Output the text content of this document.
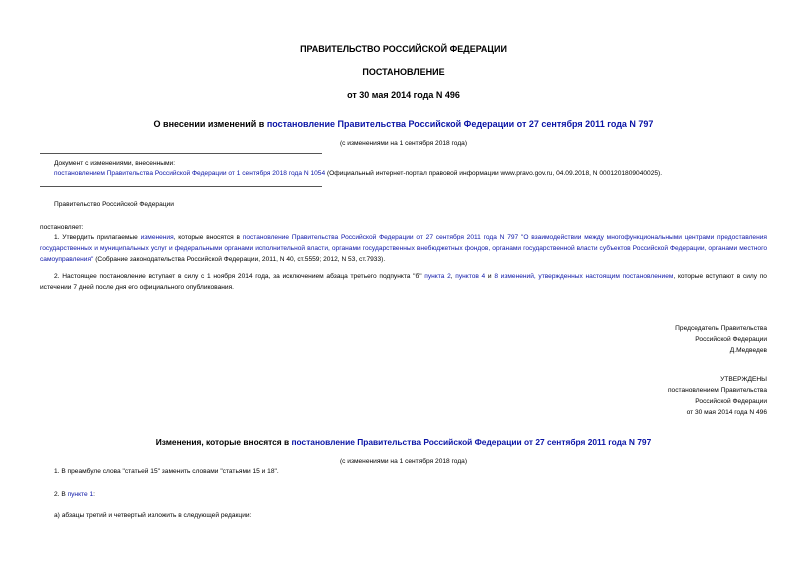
ПРАВИТЕЛЬСТВО РОССИЙСКОЙ ФЕДЕРАЦИИ
ПОСТАНОВЛЕНИЕ
от 30 мая 2014 года N 496
О внесении изменений в постановление Правительства Российской Федерации от 27 сентября 2011 года N 797
(с изменениями на 1 сентября 2018 года)
Документ с изменениями, внесенными:
постановлением Правительства Российской Федерации от 1 сентября 2018 года N 1054 (Официальный интернет-портал правовой информации www.pravo.gov.ru, 04.09.2018, N 0001201809040025).
Правительство Российской Федерации
постановляет:
1. Утвердить прилагаемые изменения, которые вносятся в постановление Правительства Российской Федерации от 27 сентября 2011 года N 797 "О взаимодействии между многофункциональными центрами предоставления государственных и муниципальных услуг и федеральными органами исполнительной власти, органами государственных внебюджетных фондов, органами государственной власти субъектов Российской Федерации, органами местного самоуправления" (Собрание законодательства Российской Федерации, 2011, N 40, ст.5559; 2012, N 53, ст.7933).
2. Настоящее постановление вступает в силу с 1 ноября 2014 года, за исключением абзаца третьего подпункта "б" пункта 2, пунктов 4 и 8 изменений, утвержденных настоящим постановлением, которые вступают в силу по истечении 7 дней после дня его официального опубликования.
Председатель Правительства
Российской Федерации
Д.Медведев
УТВЕРЖДЕНЫ
постановлением Правительства
Российской Федерации
от 30 мая 2014 года N 496
Изменения, которые вносятся в постановление Правительства Российской Федерации от 27 сентября 2011 года N 797
(с изменениями на 1 сентября 2018 года)
1. В преамбуле слова "статьей 15" заменить словами "статьями 15 и 18".
2. В пункте 1:
а) абзацы третий и четвертый изложить в следующей редакции:
